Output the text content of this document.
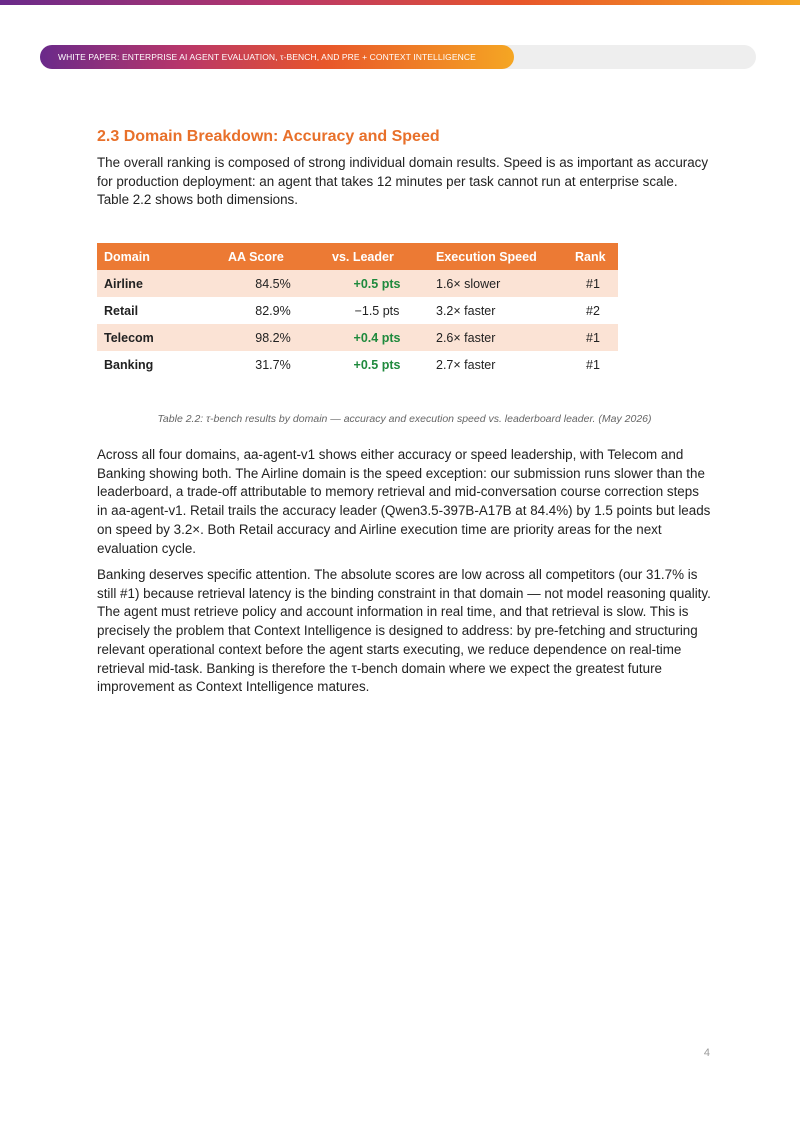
WHITE PAPER: ENTERPRISE AI AGENT EVALUATION, τ-BENCH, AND PRE + CONTEXT INTELLIGENCE
2.3 Domain Breakdown: Accuracy and Speed

The overall ranking is composed of strong individual domain results. Speed is as important as accuracy for production deployment: an agent that takes 12 minutes per task cannot run at enterprise scale. Table 2.2 shows both dimensions.

Domain	AA Score	vs. Leader	Execution Speed	Rank
Airline	84.5%	+0.5 pts	1.6× slower	#1
Retail	82.9%	−1.5 pts	3.2× faster	#2
Telecom	98.2%	+0.4 pts	2.6× faster	#1
Banking	31.7%	+0.5 pts	2.7× faster	#1

Table 2.2: τ-bench results by domain — accuracy and execution speed vs. leaderboard leader. (May 2026)

Across all four domains, aa-agent-v1 shows either accuracy or speed leadership, with Telecom and Banking showing both. The Airline domain is the speed exception: our submission runs slower than the leaderboard, a trade-off attributable to memory retrieval and mid-conversation course correction steps in aa-agent-v1. Retail trails the accuracy leader (Qwen3.5-397B-A17B at 84.4%) by 1.5 points but leads on speed by 3.2×. Both Retail accuracy and Airline execution time are priority areas for the next evaluation cycle.

Banking deserves specific attention. The absolute scores are low across all competitors (our 31.7% is still #1) because retrieval latency is the binding constraint in that domain — not model reasoning quality. The agent must retrieve policy and account information in real time, and that retrieval is slow. This is precisely the problem that Context Intelligence is designed to address: by pre-fetching and structuring relevant operational context before the agent starts executing, we reduce dependence on real-time retrieval mid-task. Banking is therefore the τ-bench domain where we expect the greatest future improvement as Context Intelligence matures.

4
